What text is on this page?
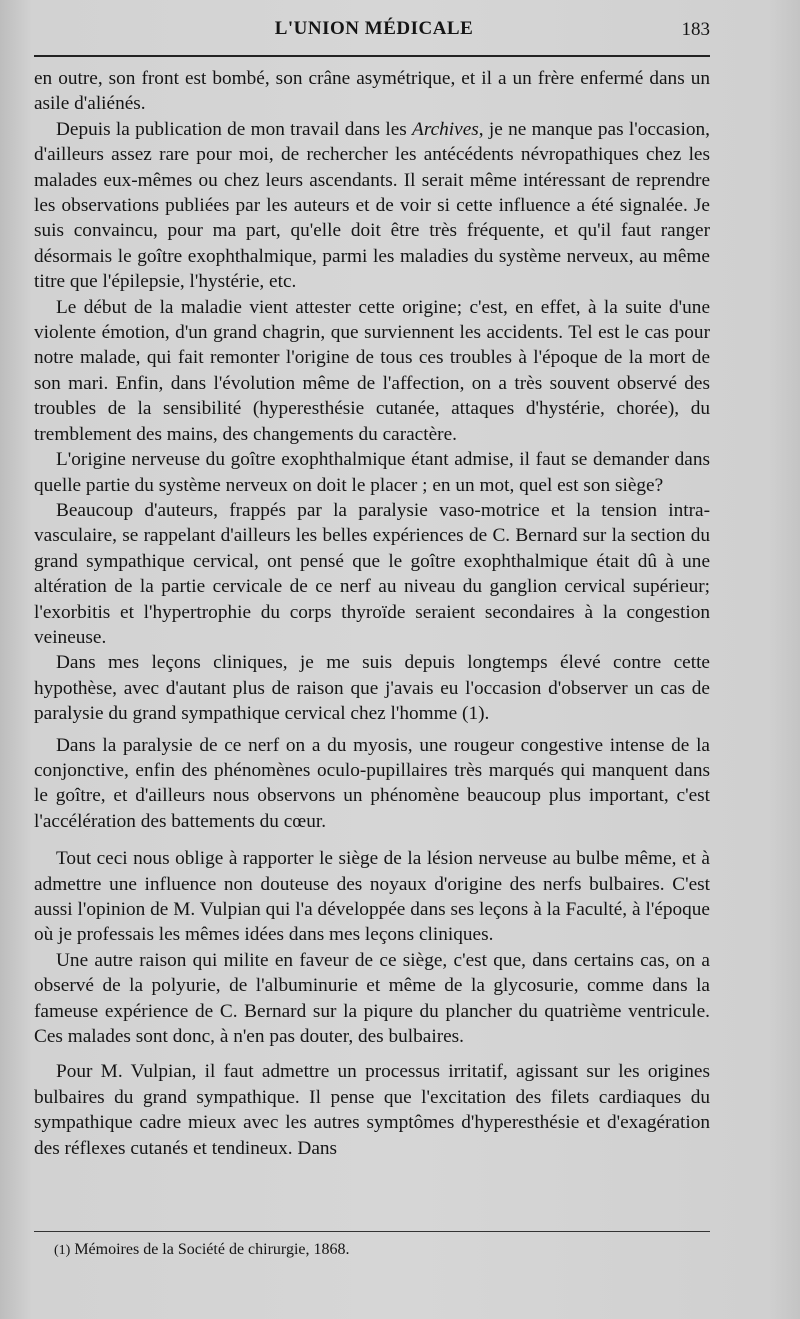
L'UNION MÉDICALE	183

en outre, son front est bombé, son crâne asymétrique, et il a un frère enfermé dans un asile d'aliénés.

Depuis la publication de mon travail dans les Archives, je ne manque pas l'occasion, d'ailleurs assez rare pour moi, de rechercher les antécédents névropathiques chez les malades eux-mêmes ou chez leurs ascendants. Il serait même intéressant de reprendre les observations publiées par les auteurs et de voir si cette influence a été signalée. Je suis convaincu, pour ma part, qu'elle doit être très fréquente, et qu'il faut ranger désormais le goître exophthalmique, parmi les maladies du système nerveux, au même titre que l'épilepsie, l'hystérie, etc.

Le début de la maladie vient attester cette origine; c'est, en effet, à la suite d'une violente émotion, d'un grand chagrin, que surviennent les accidents. Tel est le cas pour notre malade, qui fait remonter l'origine de tous ces troubles à l'époque de la mort de son mari. Enfin, dans l'évolution même de l'affection, on a très souvent observé des troubles de la sensibilité (hyperesthésie cutanée, attaques d'hystérie, chorée), du tremblement des mains, des changements du caractère.

L'origine nerveuse du goître exophthalmique étant admise, il faut se demander dans quelle partie du système nerveux on doit le placer ; en un mot, quel est son siège?

Beaucoup d'auteurs, frappés par la paralysie vaso-motrice et la tension intra-vasculaire, se rappelant d'ailleurs les belles expériences de C. Bernard sur la section du grand sympathique cervical, ont pensé que le goître exophthalmique était dû à une altération de la partie cervicale de ce nerf au niveau du ganglion cervical supérieur; l'exorbitis et l'hypertrophie du corps thyroïde seraient secondaires à la congestion veineuse.

Dans mes leçons cliniques, je me suis depuis longtemps élevé contre cette hypothèse, avec d'autant plus de raison que j'avais eu l'occasion d'observer un cas de paralysie du grand sympathique cervical chez l'homme (1).

Dans la paralysie de ce nerf on a du myosis, une rougeur congestive intense de la conjonctive, enfin des phénomènes oculo-pupillaires très marqués qui manquent dans le goître, et d'ailleurs nous observons un phénomène beaucoup plus important, c'est l'accélération des battements du cœur.

Tout ceci nous oblige à rapporter le siège de la lésion nerveuse au bulbe même, et à admettre une influence non douteuse des noyaux d'origine des nerfs bulbaires. C'est aussi l'opinion de M. Vulpian qui l'a développée dans ses leçons à la Faculté, à l'époque où je professais les mêmes idées dans mes leçons cliniques.

Une autre raison qui milite en faveur de ce siège, c'est que, dans certains cas, on a observé de la polyurie, de l'albuminurie et même de la glycosurie, comme dans la fameuse expérience de C. Bernard sur la piqure du plancher du quatrième ventricule. Ces malades sont donc, à n'en pas douter, des bulbaires.

Pour M. Vulpian, il faut admettre un processus irritatif, agissant sur les origines bulbaires du grand sympathique. Il pense que l'excitation des filets cardiaques du sympathique cadre mieux avec les autres symptômes d'hyperesthésie et d'exagération des réflexes cutanés et tendineux. Dans

(1) Mémoires de la Société de chirurgie, 1868.
